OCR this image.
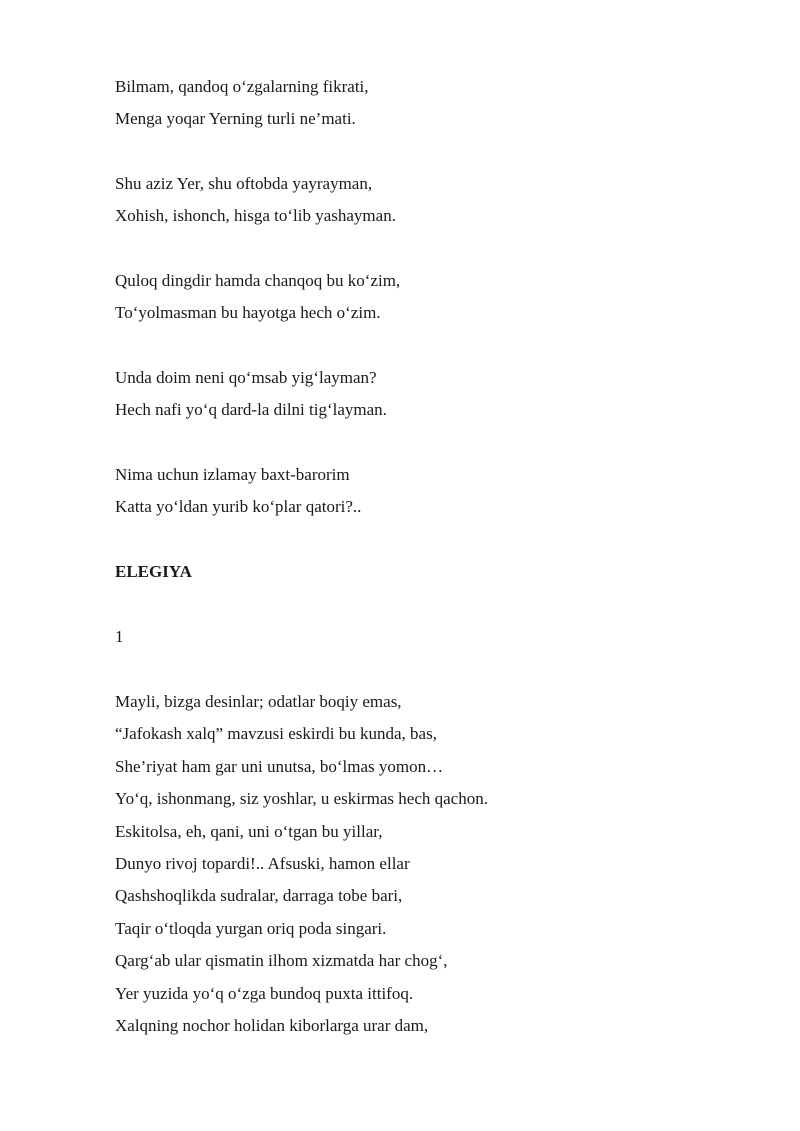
Bilmam, qandoq o‘zgalarning fikrati,
Menga yoqar Yerning turli ne’mati.
Shu aziz Yer, shu oftobda yayrayman,
Xohish, ishonch, hisga to‘lib yashayman.
Quloq dingdir hamda chanqoq bu ko‘zim,
To‘yolmasman bu hayotga hech o‘zim.
Unda doim neni qo‘msab yig‘layman?
Hech nafi yo‘q dard-la dilni tig‘layman.
Nima uchun izlamay baxt-barorim
Katta yo‘ldan yurib ko‘plar qatori?..
ELEGIYA
1
Mayli, bizga desinlar; odatlar boqiy emas,
“Jafokash xalq” mavzusi eskirdi bu kunda, bas,
She’riyat ham gar uni unutsa, bo‘lmas yomon…
Yo‘q, ishonmang, siz yoshlar, u eskirmas hech qachon.
Eskitolsa, eh, qani, uni o‘tgan bu yillar,
Dunyo rivoj topardi!.. Afsuski, hamon ellar
Qashshoqlikda sudralar, darraga tobe bari,
Taqir o‘tloqda yurgan oriq poda singari.
Qarg‘ab ular qismatin ilhom xizmatda har chog‘,
Yer yuzida yo‘q o‘zga bundoq puxta ittifoq.
Xalqning nochor holidan kiborlarga urar dam,
